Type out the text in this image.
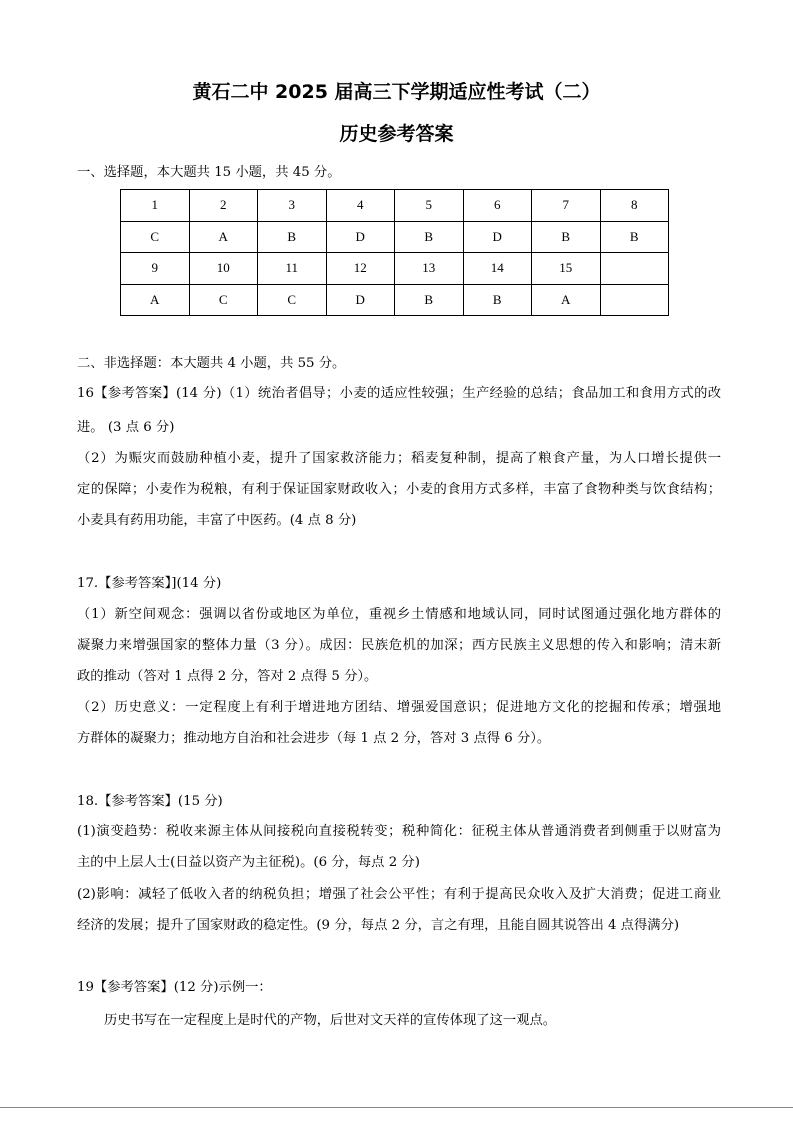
黄石二中 2025 届高三下学期适应性考试（二）
历史参考答案
一、选择题，本大题共 15 小题，共 45 分。
1	2	3	4	5	6	7	8
C	A	B	D	B	D	B	B
9	10	11	12	13	14	15	
A	C	C	D	B	B	A	
二、非选择题：本大题共 4 小题，共 55 分。
16【参考答案】(14 分)（1）统治者倡导；小麦的适应性较强；生产经验的总结；食品加工和食用方式的改
进。 (3 点 6 分)
（2）为赈灾而鼓励种植小麦，提升了国家救济能力；稻麦复种制，提高了粮食产量，为人口增长提供一
定的保障；小麦作为税粮，有利于保证国家财政收入；小麦的食用方式多样，丰富了食物种类与饮食结构；
小麦具有药用功能，丰富了中医药。(4 点 8 分)
17.【参考答案】](14 分)
（1）新空间观念：强调以省份或地区为单位，重视乡土情感和地域认同，同时试图通过强化地方群体的
凝聚力来增强国家的整体力量（3 分）。成因：民族危机的加深；西方民族主义思想的传入和影响；清末新
政的推动（答对 1 点得 2 分，答对 2 点得 5 分）。
（2）历史意义：一定程度上有利于增进地方团结、增强爱国意识；促进地方文化的挖掘和传承；增强地
方群体的凝聚力；推动地方自治和社会进步（每 1 点 2 分，答对 3 点得 6 分）。
18.【参考答案】(15 分)
(1)演变趋势：税收来源主体从间接税向直接税转变；税种简化：征税主体从普通消费者到侧重于以财富为
主的中上层人士(日益以资产为主征税)。(6 分，每点 2 分)
(2)影响：减轻了低收入者的纳税负担；增强了社会公平性；有利于提高民众收入及扩大消费；促进工商业
经济的发展；提升了国家财政的稳定性。(9 分，每点 2 分，言之有理，且能自圆其说答出 4 点得满分)
19【参考答案】(12 分)示例一：
历史书写在一定程度上是时代的产物，后世对文天祥的宣传体现了这一观点。
